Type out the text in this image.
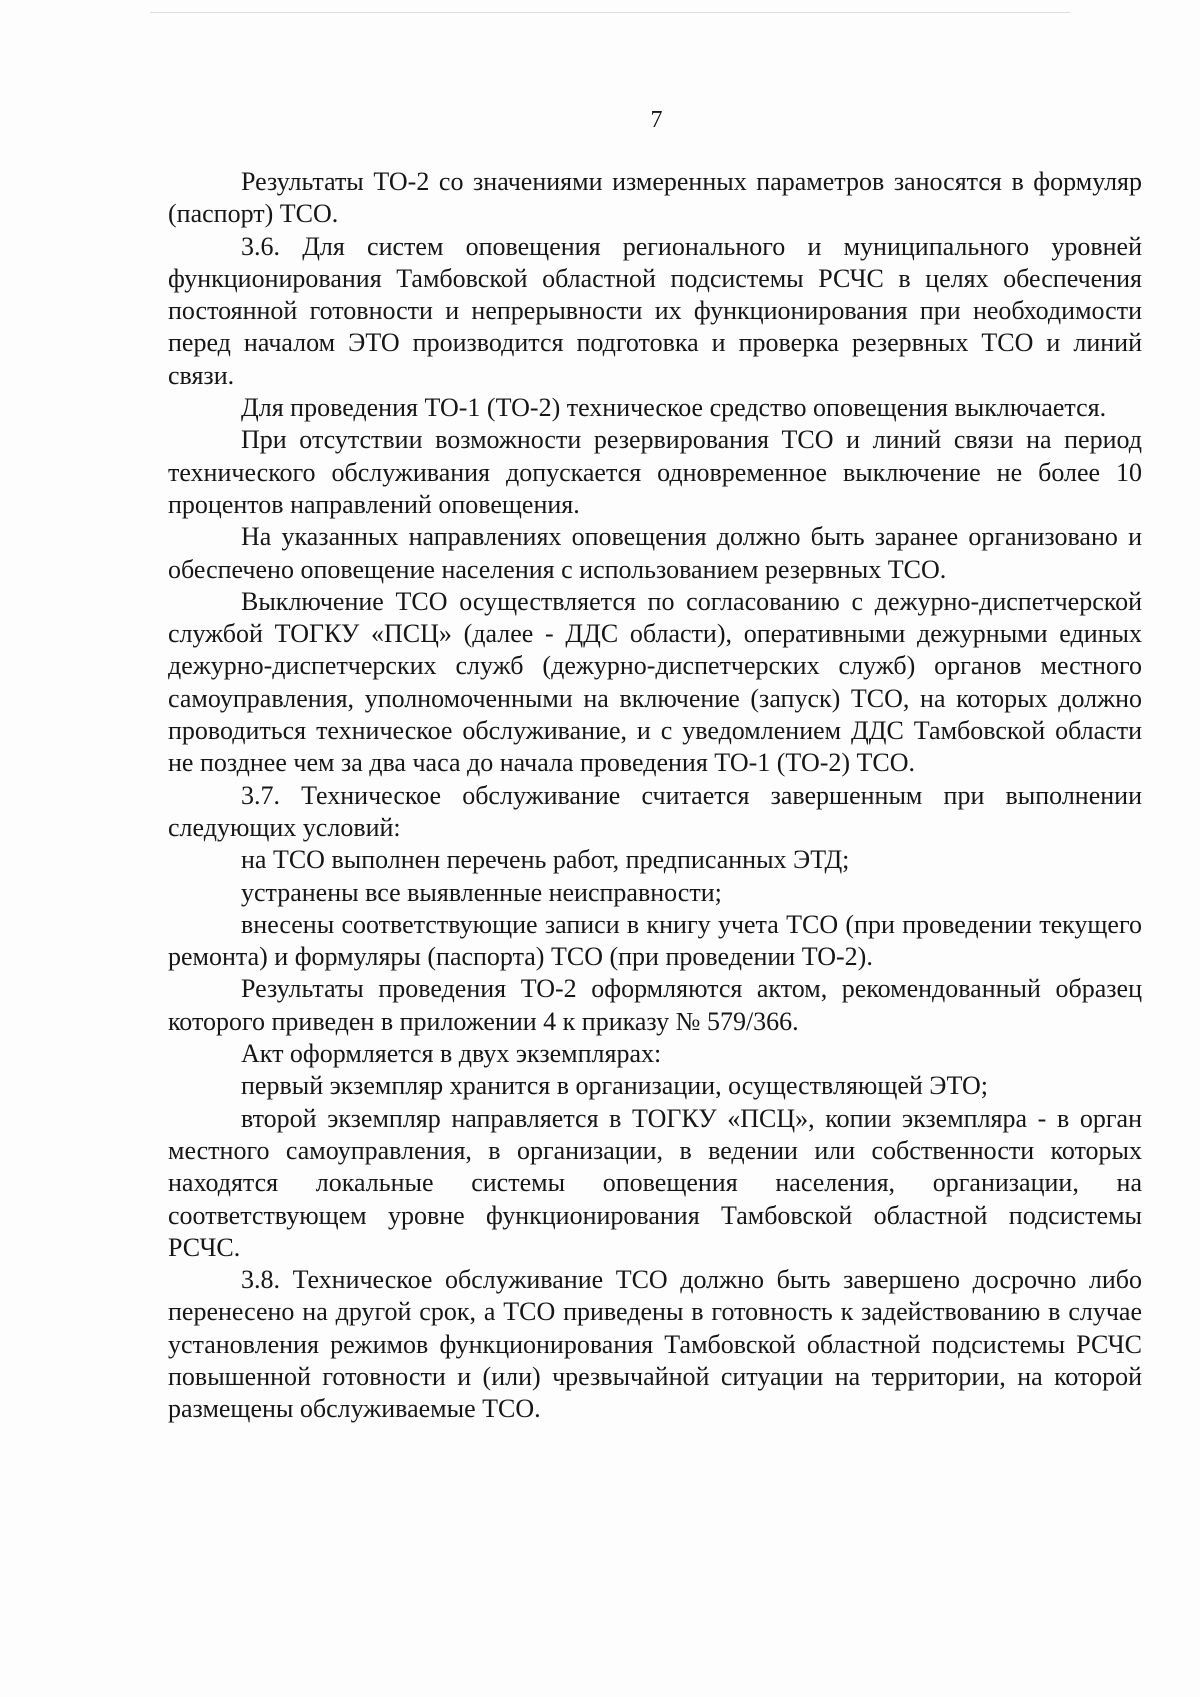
7

Результаты ТО-2 со значениями измеренных параметров заносятся в формуляр (паспорт) ТСО.

3.6. Для систем оповещения регионального и муниципального уровней функционирования Тамбовской областной подсистемы РСЧС в целях обеспечения постоянной готовности и непрерывности их функционирования при необходимости перед началом ЭТО производится подготовка и проверка резервных ТСО и линий связи.

Для проведения ТО-1 (ТО-2) техническое средство оповещения выключается.

При отсутствии возможности резервирования ТСО и линий связи на период технического обслуживания допускается одновременное выключение не более 10 процентов направлений оповещения.

На указанных направлениях оповещения должно быть заранее организовано и обеспечено оповещение населения с использованием резервных ТСО.

Выключение ТСО осуществляется по согласованию с дежурно-диспетчерской службой ТОГКУ «ПСЦ» (далее - ДДС области), оперативными дежурными единых дежурно-диспетчерских служб (дежурно-диспетчерских служб) органов местного самоуправления, уполномоченными на включение (запуск) ТСО, на которых должно проводиться техническое обслуживание, и с уведомлением ДДС Тамбовской области не позднее чем за два часа до начала проведения ТО-1 (ТО-2) ТСО.

3.7. Техническое обслуживание считается завершенным при выполнении следующих условий:

на ТСО выполнен перечень работ, предписанных ЭТД;

устранены все выявленные неисправности;

внесены соответствующие записи в книгу учета ТСО (при проведении текущего ремонта) и формуляры (паспорта) ТСО (при проведении ТО-2).

Результаты проведения ТО-2 оформляются актом, рекомендованный образец которого приведен в приложении 4 к приказу № 579/366.

Акт оформляется в двух экземплярах:

первый экземпляр хранится в организации, осуществляющей ЭТО;

второй экземпляр направляется в ТОГКУ «ПСЦ», копии экземпляра - в орган местного самоуправления, в организации, в ведении или собственности которых находятся локальные системы оповещения населения, организации, на соответствующем уровне функционирования Тамбовской областной подсистемы РСЧС.

3.8. Техническое обслуживание ТСО должно быть завершено досрочно либо перенесено на другой срок, а ТСО приведены в готовность к задействованию в случае установления режимов функционирования Тамбовской областной подсистемы РСЧС повышенной готовности и (или) чрезвычайной ситуации на территории, на которой размещены обслуживаемые ТСО.
